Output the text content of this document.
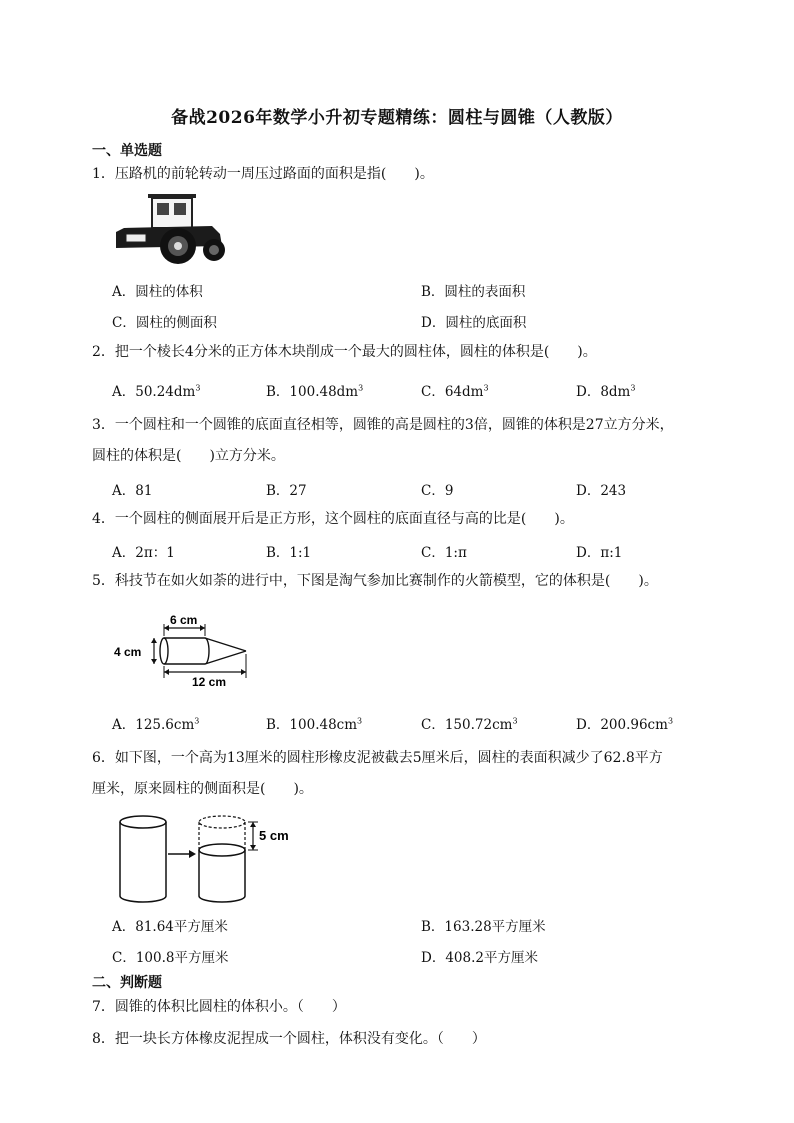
备战2026年数学小升初专题精练：圆柱与圆锥（人教版）
一、单选题
1．压路机的前轮转动一周压过路面的面积是指(　　)。
A．圆柱的体积	B．圆柱的表面积
C．圆柱的侧面积	D．圆柱的底面积
2．把一个棱长4分米的正方体木块削成一个最大的圆柱体，圆柱的体积是(　　)。
A．$50.24dm^3$	B．$100.48dm^3$	C．$64dm^3$	D．$8dm^3$
3．一个圆柱和一个圆锥的底面直径相等，圆锥的高是圆柱的3倍，圆锥的体积是27立方分米，
圆柱的体积是(　　)立方分米。
A．81	B．27	C．9	D．243
4．一个圆柱的侧面展开后是正方形，这个圆柱的底面直径与高的比是(　　)。
A．2π：1	B．1:1	C．1:π	D．π:1
5．科技节在如火如荼的进行中，下图是淘气参加比赛制作的火箭模型，它的体积是(　　)。
6 cm
4 cm
12 cm
A．$125.6cm^3$	B．$100.48cm^3$	C．$150.72cm^3$	D．$200.96cm^3$
6．如下图，一个高为13厘米的圆柱形橡皮泥被截去5厘米后，圆柱的表面积减少了62.8平方
厘米，原来圆柱的侧面积是(　　)。
5 cm
A．81.64平方厘米	B．163.28平方厘米
C．100.8平方厘米	D．408.2平方厘米
二、判断题
7．圆锥的体积比圆柱的体积小。（　　）
8．把一块长方体橡皮泥捏成一个圆柱，体积没有变化。（　　）
